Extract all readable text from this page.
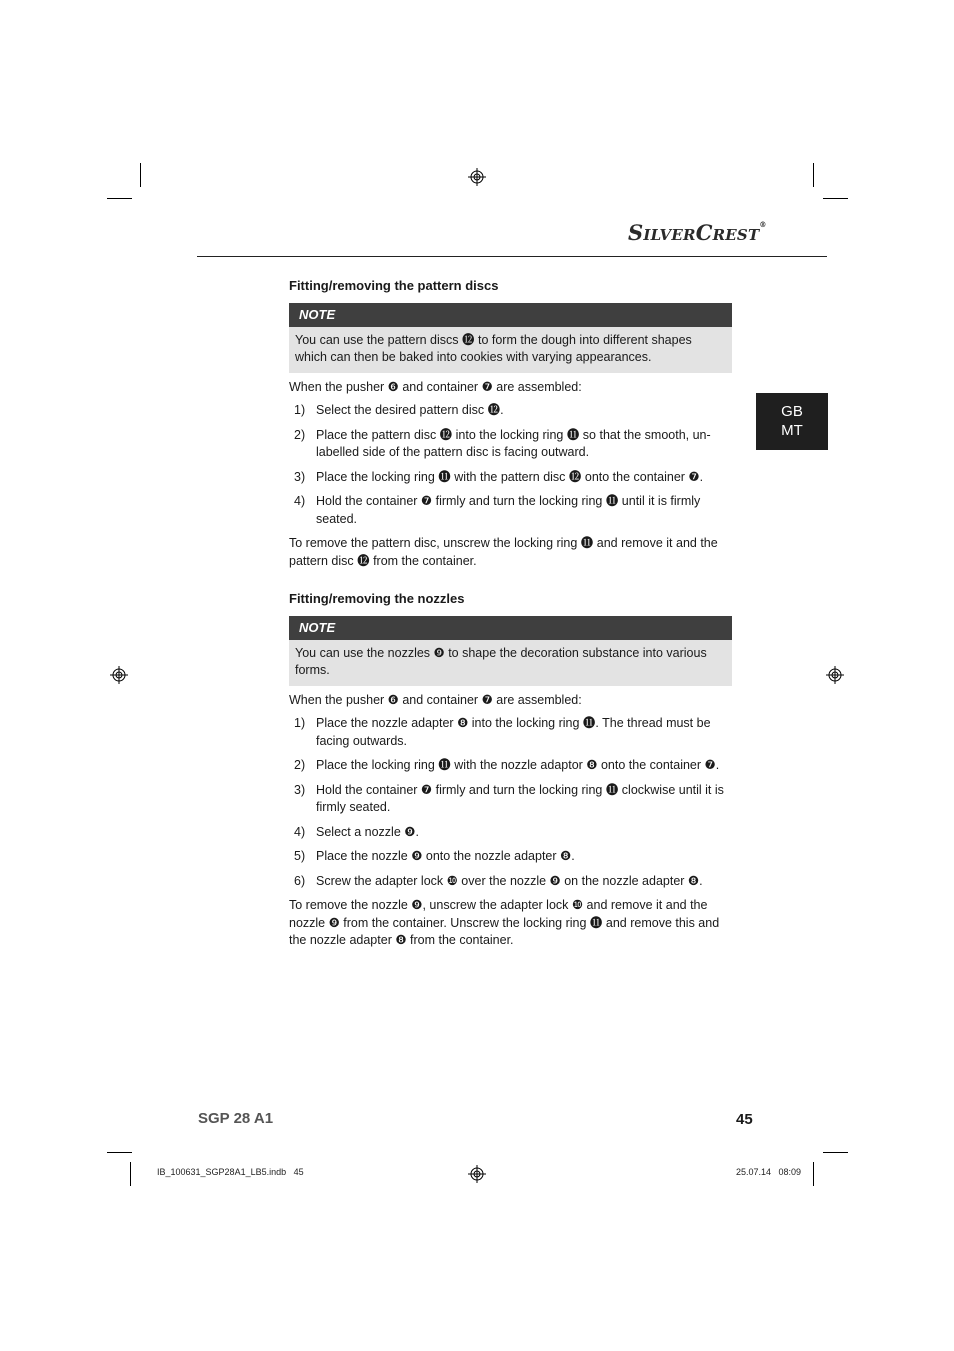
SILVERCREST®
GB
MT
Fitting/removing the pattern discs
NOTE
You can use the pattern discs ⓬ to form the dough into different shapes which can then be baked into cookies with varying appearances.
When the pusher ❻ and container ❼ are assembled:
1) Select the desired pattern disc ⓬.
2) Place the pattern disc ⓬ into the locking ring ⓫ so that the smooth, un-labelled side of the pattern disc is facing outward.
3) Place the locking ring ⓫ with the pattern disc ⓬ onto the container ❼.
4) Hold the container ❼ firmly and turn the locking ring ⓫ until it is firmly seated.
To remove the pattern disc, unscrew the locking ring ⓫ and remove it and the pattern disc ⓬ from the container.
Fitting/removing the nozzles
NOTE
You can use the nozzles ❾ to shape the decoration substance into various forms.
When the pusher ❻ and container ❼ are assembled:
1) Place the nozzle adapter ❽ into the locking ring ⓫. The thread must be facing outwards.
2) Place the locking ring ⓫ with the nozzle adaptor ❽ onto the container ❼.
3) Hold the container ❼ firmly and turn the locking ring ⓫ clockwise until it is firmly seated.
4) Select a nozzle ❾.
5) Place the nozzle ❾ onto the nozzle adapter ❽.
6) Screw the adapter lock ❿ over the nozzle ❾ on the nozzle adapter ❽.
To remove the nozzle ❾, unscrew the adapter lock ❿ and remove it and the nozzle ❾ from the container. Unscrew the locking ring ⓫ and remove this and the nozzle adapter ❽ from the container.
SGP 28 A1	45
IB_100631_SGP28A1_LB5.indb   45	25.07.14   08:09
